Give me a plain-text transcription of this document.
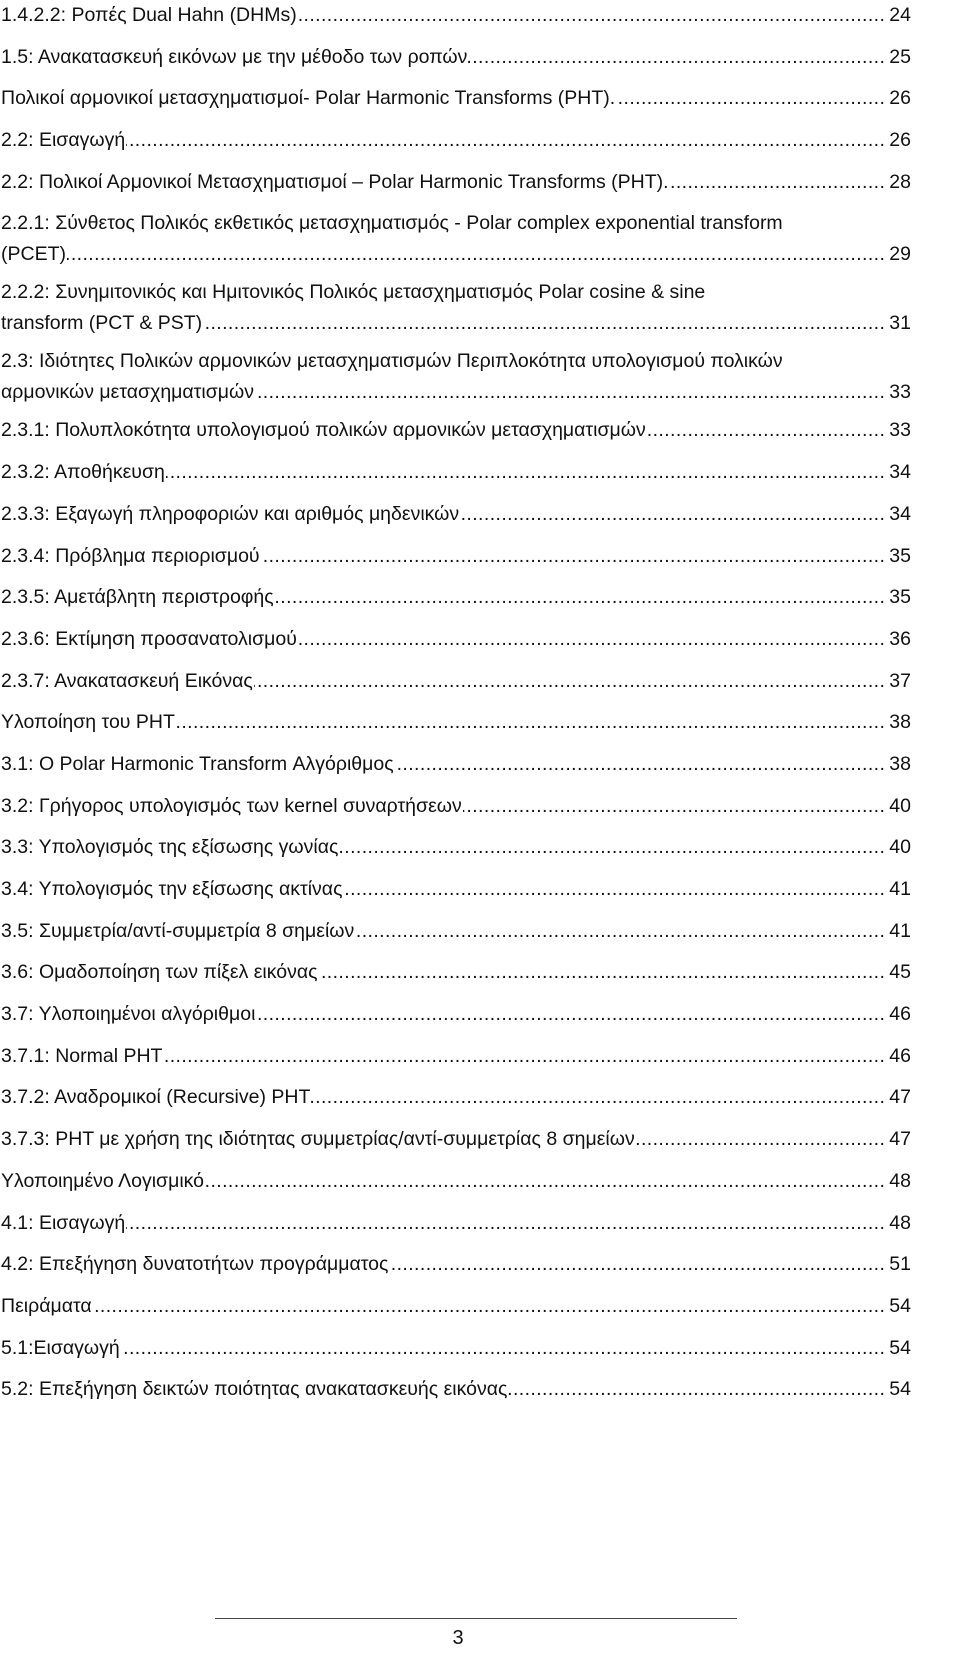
1.4.2.2: Ροπές Dual Hahn (DHMs)	24
.....
1.5: Ανακατασκευή εικόνων με την μέθοδο των ροπών	25
.....
Πολικοί αρμονικοί μετασχηματισμοί- Polar Harmonic Transforms (PHT).	26
.....
2.2: Εισαγωγή	26
.....
2.2: Πολικοί Αρμονικοί Μετασχηματισμοί – Polar Harmonic Transforms (PHT).	28
.....
2.2.1: Σύνθετος Πολικός εκθετικός μετασχηματισμός - Polar complex exponential transform
(PCET)	29
.....
2.2.2: Συνημιτονικός και Ημιτονικός Πολικός μετασχηματισμός Polar cosine & sine
transform (PCT & PST)	31
.....
2.3: Ιδιότητες Πολικών αρμονικών μετασχηματισμών Περιπλοκότητα υπολογισμού πολικών
αρμονικών μετασχηματισμών	33
.....
2.3.1: Πολυπλοκότητα υπολογισμού πολικών αρμονικών μετασχηματισμών	33
.....
2.3.2: Αποθήκευση	34
.....
2.3.3: Εξαγωγή πληροφοριών και αριθμός μηδενικών	34
.....
2.3.4: Πρόβλημα περιορισμού	35
.....
2.3.5: Αμετάβλητη περιστροφής	35
.....
2.3.6: Εκτίμηση προσανατολισμού	36
.....
2.3.7: Ανακατασκευή Εικόνας	37
.....
Υλοποίηση του PHT	38
.....
3.1: O Polar Harmonic Transform Αλγόριθμος	38
.....
3.2: Γρήγορος υπολογισμός των kernel συναρτήσεων	40
.....
3.3: Υπολογισμός της εξίσωσης γωνίας	40
.....
3.4: Υπολογισμός την εξίσωσης ακτίνας	41
.....
3.5: Συμμετρία/αντί-συμμετρία 8 σημείων	41
.....
3.6: Ομαδοποίηση των πίξελ εικόνας	45
.....
3.7: Υλοποιημένοι αλγόριθμοι	46
.....
3.7.1: Normal PHT	46
.....
3.7.2: Αναδρομικοί (Recursive) PHT	47
.....
3.7.3: PHT με χρήση της ιδιότητας συμμετρίας/αντί-συμμετρίας 8 σημείων	47
.....
Υλοποιημένο Λογισμικό	48
.....
4.1: Εισαγωγή	48
.....
4.2: Επεξήγηση δυνατοτήτων προγράμματος	51
.....
Πειράματα	54
.....
5.1:Εισαγωγή	54
.....
5.2: Επεξήγηση δεικτών ποιότητας ανακατασκευής εικόνας	54
.....
3
